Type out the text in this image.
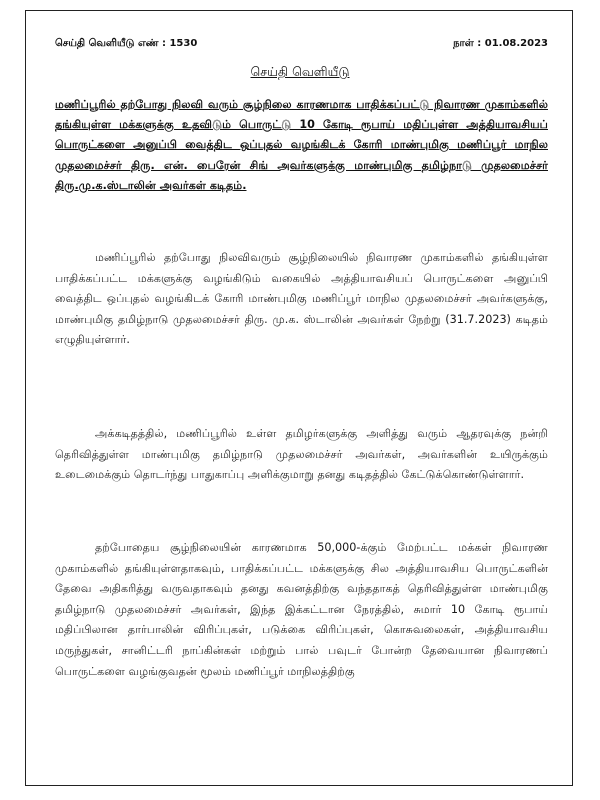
செய்தி வெளியீடு எண் : 1530	நாள் : 01.08.2023
செய்தி வெளியீடு
மணிப்பூரில் தற்போது நிலவி வரும் சூழ்நிலை காரணமாக பாதிக்கப்பட்டு நிவாரண முகாம்களில் தங்கியுள்ள மக்களுக்கு உதவிடும் பொருட்டு 10 கோடி ரூபாய் மதிப்புள்ள அத்தியாவசியப் பொருட்களை அனுப்பி வைத்திட ஒப்புதல் வழங்கிடக் கோரி மாண்புமிகு மணிப்பூர் மாநில முதலமைச்சர் திரு. என். பைரேன் சிங் அவர்களுக்கு மாண்புமிகு தமிழ்நாடு முதலமைச்சர் திரு.மு.க.ஸ்டாலின் அவர்கள் கடிதம்.

மணிப்பூரில் தற்போது நிலவிவரும் சூழ்நிலையில் நிவாரண முகாம்களில் தங்கியுள்ள பாதிக்கப்பட்ட மக்களுக்கு வழங்கிடும் வகையில் அத்தியாவசியப் பொருட்களை அனுப்பி வைத்திட ஒப்புதல் வழங்கிடக் கோரி மாண்புமிகு மணிப்பூர் மாநில முதலமைச்சர் அவர்களுக்கு, மாண்புமிகு தமிழ்நாடு முதலமைச்சர் திரு. மு.க. ஸ்டாலின் அவர்கள் நேற்று (31.7.2023) கடிதம் எழுதியுள்ளார்.

அக்கடிதத்தில், மணிப்பூரில் உள்ள தமிழர்களுக்கு அளித்து வரும் ஆதரவுக்கு நன்றி தெரிவித்துள்ள மாண்புமிகு தமிழ்நாடு முதலமைச்சர் அவர்கள், அவர்களின் உயிருக்கும் உடைமைக்கும் தொடர்ந்து பாதுகாப்பு அளிக்குமாறு தனது கடிதத்தில் கேட்டுக்கொண்டுள்ளார்.

தற்போதைய சூழ்நிலையின் காரணமாக 50,000-க்கும் மேற்பட்ட மக்கள் நிவாரண முகாம்களில் தங்கியுள்ளதாகவும், பாதிக்கப்பட்ட மக்களுக்கு சில அத்தியாவசிய பொருட்களின் தேவை அதிகரித்து வருவதாகவும் தனது கவனத்திற்கு வந்ததாகத் தெரிவித்துள்ள மாண்புமிகு தமிழ்நாடு முதலமைச்சர் அவர்கள், இந்த இக்கட்டான நேரத்தில், சுமார் 10 கோடி ரூபாய் மதிப்பிலான தார்பாலின் விரிப்புகள், படுக்கை விரிப்புகள், கொசுவலைகள், அத்தியாவசிய மருந்துகள், சானிட்டரி நாப்கின்கள் மற்றும் பால் பவுடர் போன்ற தேவையான நிவாரணப் பொருட்களை வழங்குவதன் மூலம் மணிப்பூர் மாநிலத்திற்கு
